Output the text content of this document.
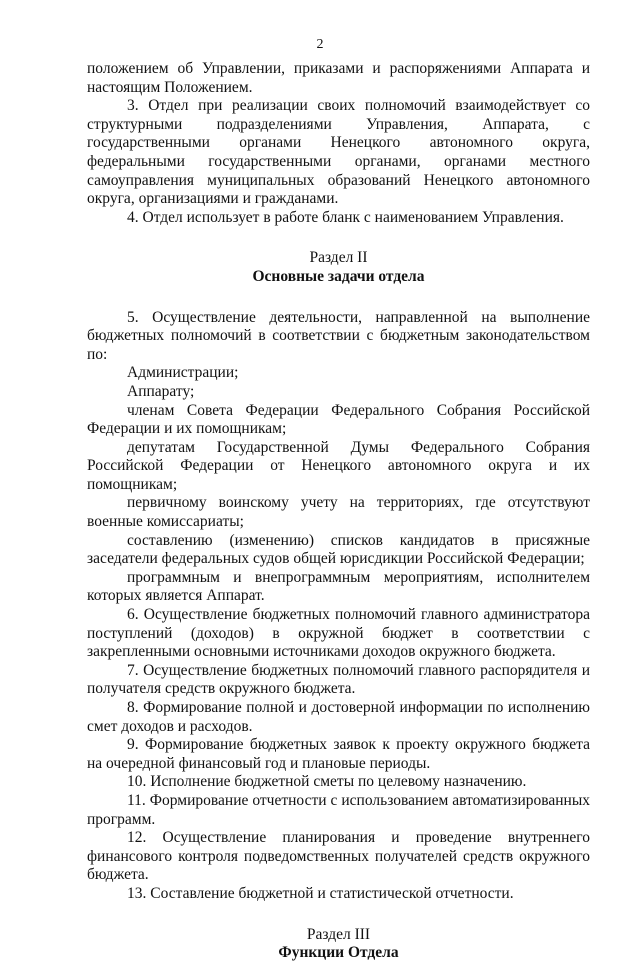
2

положением об Управлении, приказами и распоряжениями Аппарата и настоящим Положением.

3. Отдел при реализации своих полномочий взаимодействует со структурными подразделениями Управления, Аппарата, с государственными органами Ненецкого автономного округа, федеральными государственными органами, органами местного самоуправления муниципальных образований Ненецкого автономного округа, организациями и гражданами.

4. Отдел использует в работе бланк с наименованием Управления.

Раздел II

Основные задачи отдела

5. Осуществление деятельности, направленной на выполнение бюджетных полномочий в соответствии с бюджетным законодательством по:

Администрации;

Аппарату;

членам Совета Федерации Федерального Собрания Российской Федерации и их помощникам;

депутатам Государственной Думы Федерального Собрания Российской Федерации от Ненецкого автономного округа и их помощникам;

первичному воинскому учету на территориях, где отсутствуют военные комиссариаты;

составлению (изменению) списков кандидатов в присяжные заседатели федеральных судов общей юрисдикции Российской Федерации;

программным и внепрограммным мероприятиям, исполнителем которых является Аппарат.

6. Осуществление бюджетных полномочий главного администратора поступлений (доходов) в окружной бюджет в соответствии с закрепленными основными источниками доходов окружного бюджета.

7. Осуществление бюджетных полномочий главного распорядителя и получателя средств окружного бюджета.

8. Формирование полной и достоверной информации по исполнению смет доходов и расходов.

9. Формирование бюджетных заявок к проекту окружного бюджета на очередной финансовый год и плановые периоды.

10. Исполнение бюджетной сметы по целевому назначению.

11. Формирование отчетности с использованием автоматизированных программ.

12. Осуществление планирования и проведение внутреннего финансового контроля подведомственных получателей средств окружного бюджета.

13. Составление бюджетной и статистической отчетности.

Раздел III

Функции Отдела
